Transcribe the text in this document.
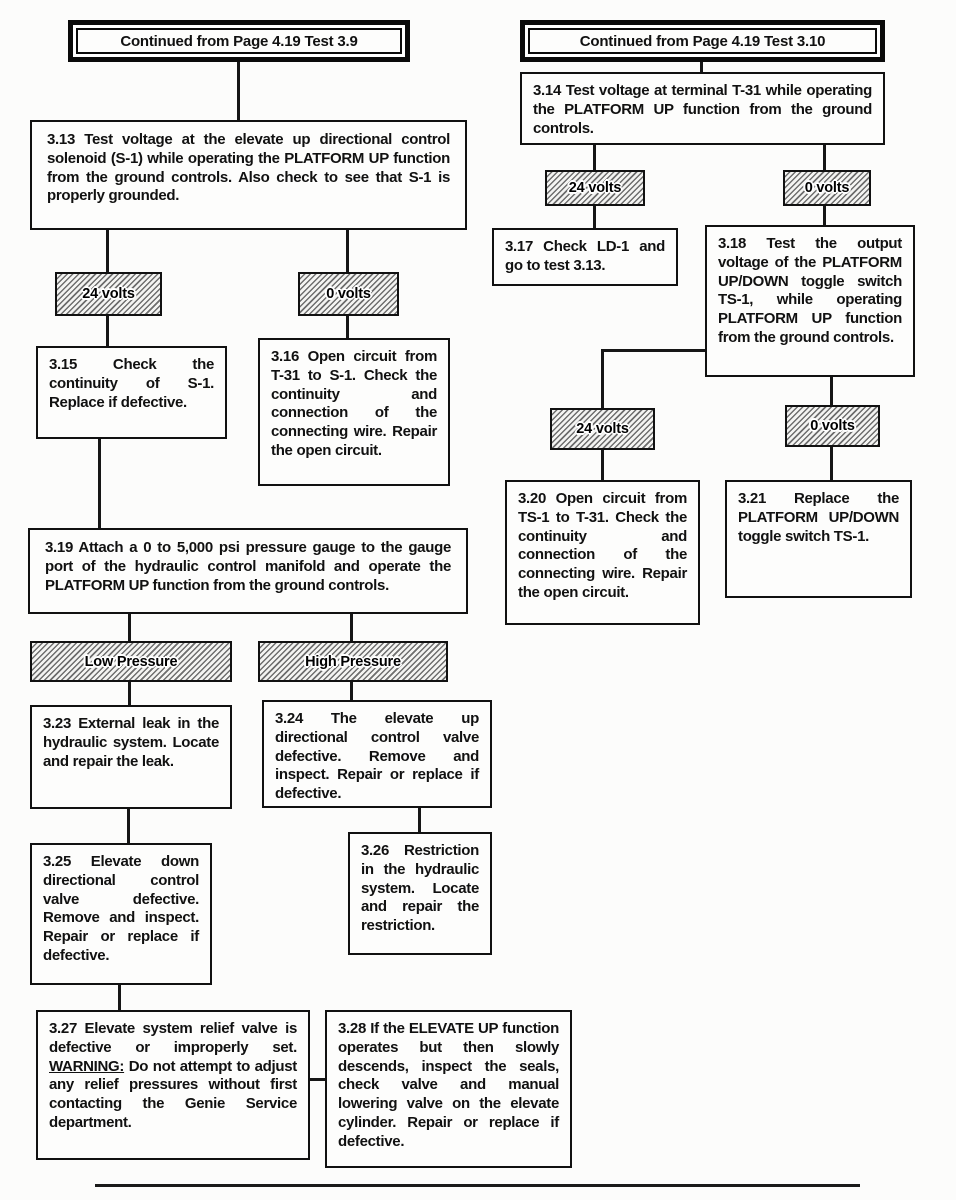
Continued from Page 4.19 Test 3.9
3.13 Test voltage at the elevate up directional control solenoid (S-1) while operating the PLATFORM UP function from the ground controls. Also check to see that S-1 is properly grounded.
24 volts	0 volts
3.15 Check the continuity of S-1. Replace if defective.
3.16 Open circuit from T-31 to S-1. Check the continuity and connection of the connecting wire. Repair the open circuit.
3.19 Attach a 0 to 5,000 psi pressure gauge to the gauge port of the hydraulic control manifold and operate the PLATFORM UP function from the ground controls.
Low Pressure	High Pressure
3.23 External leak in the hydraulic system. Locate and repair the leak.
3.24 The elevate up directional control valve defective. Remove and inspect. Repair or replace if defective.
3.25 Elevate down directional control valve defective. Remove and inspect. Repair or replace if defective.
3.26 Restriction in the hydraulic system. Locate and repair the restriction.
3.27 Elevate system relief valve is defective or improperly set. WARNING: Do not attempt to adjust any relief pressures without first contacting the Genie Service department.
3.28 If the ELEVATE UP function operates but then slowly descends, inspect the seals, check valve and manual lowering valve on the elevate cylinder. Repair or replace if defective.
Continued from Page 4.19 Test 3.10
3.14 Test voltage at terminal T-31 while operating the PLATFORM UP function from the ground controls.
24 volts	0 volts
3.17 Check LD-1 and go to test 3.13.
3.18 Test the output voltage of the PLATFORM UP/DOWN toggle switch TS-1, while operating PLATFORM UP function from the ground controls.
24 volts	0 volts
3.20 Open circuit from TS-1 to T-31. Check the continuity and connection of the connecting wire. Repair the open circuit.
3.21 Replace the PLATFORM UP/DOWN toggle switch TS-1.
